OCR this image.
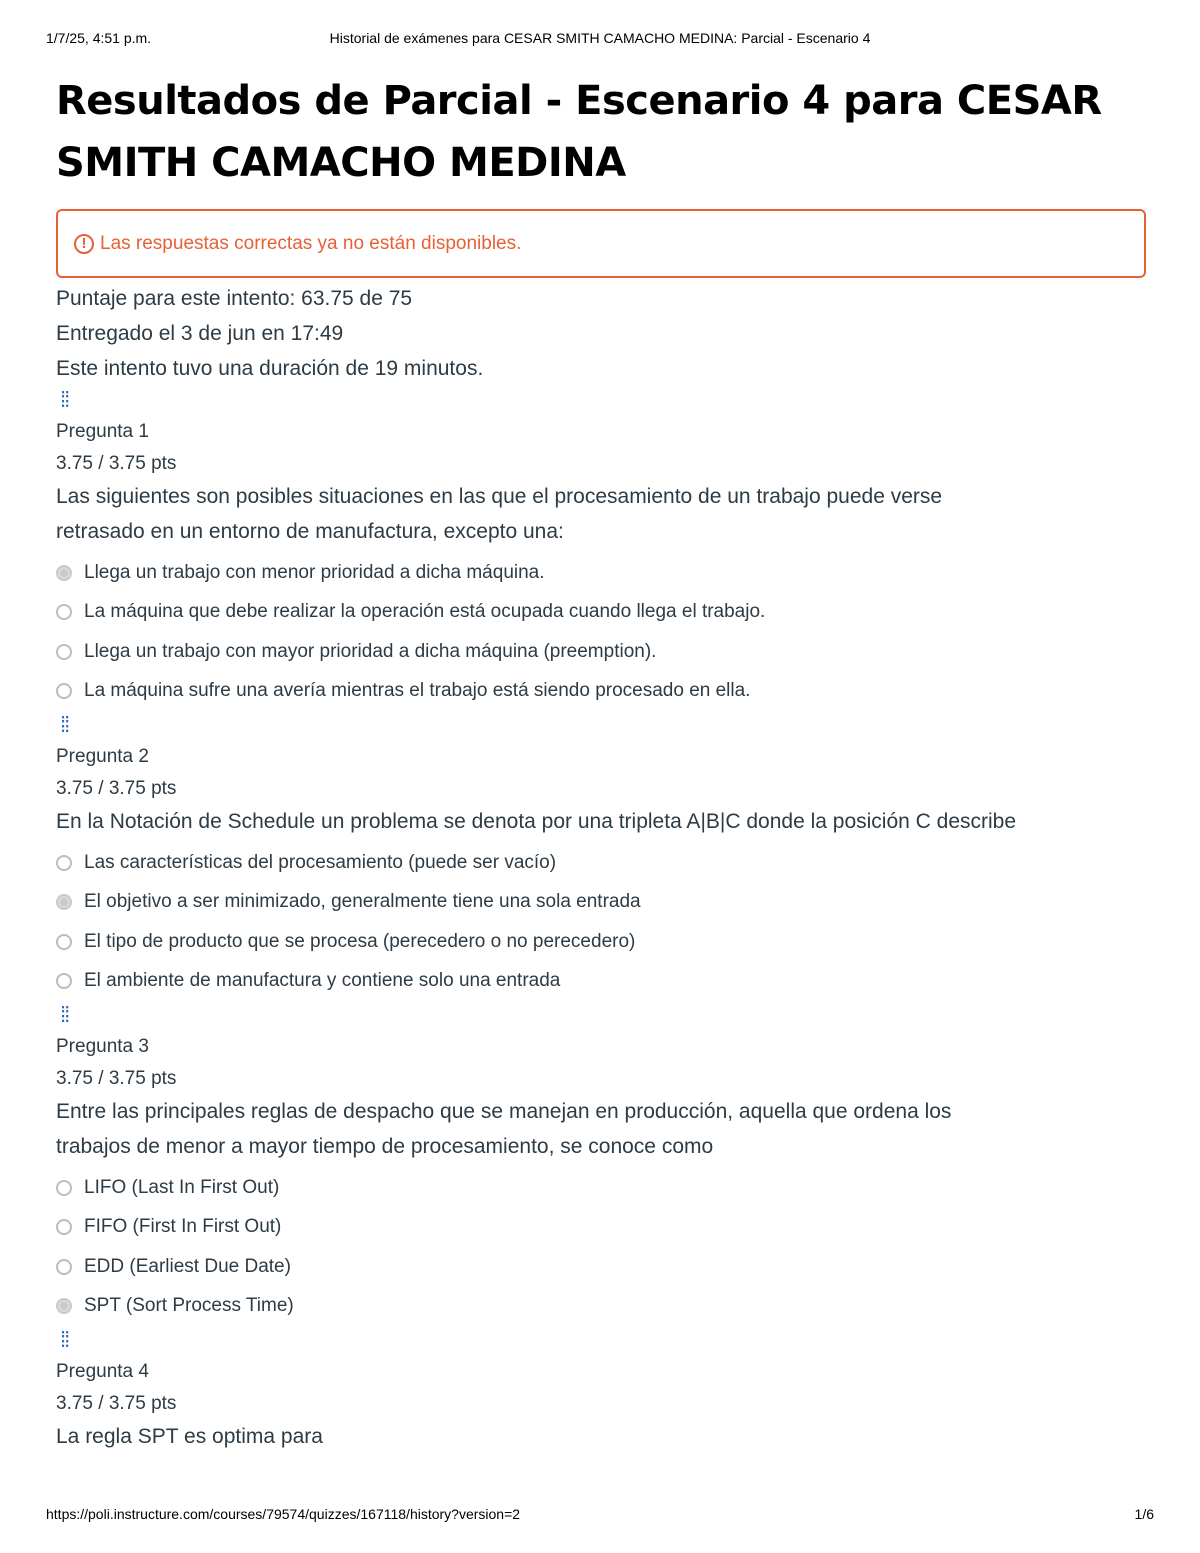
1/7/25, 4:51 p.m.	Historial de exámenes para CESAR SMITH CAMACHO MEDINA: Parcial - Escenario 4
Resultados de Parcial - Escenario 4 para CESAR
SMITH CAMACHO MEDINA
! Las respuestas correctas ya no están disponibles.
Puntaje para este intento: 63.75 de 75
Entregado el 3 de jun en 17:49
Este intento tuvo una duración de 19 minutos.
⁞⁞
Pregunta 1
3.75 / 3.75 pts
Las siguientes son posibles situaciones en las que el procesamiento de un trabajo puede verse
retrasado en un entorno de manufactura, excepto una:
Llega un trabajo con menor prioridad a dicha máquina.
La máquina que debe realizar la operación está ocupada cuando llega el trabajo.
Llega un trabajo con mayor prioridad a dicha máquina (preemption).
La máquina sufre una avería mientras el trabajo está siendo procesado en ella.
⁞⁞
Pregunta 2
3.75 / 3.75 pts
En la Notación de Schedule un problema se denota por una tripleta A|B|C donde la posición C describe
Las características del procesamiento (puede ser vacío)
El objetivo a ser minimizado, generalmente tiene una sola entrada
El tipo de producto que se procesa (perecedero o no perecedero)
El ambiente de manufactura y contiene solo una entrada
⁞⁞
Pregunta 3
3.75 / 3.75 pts
Entre las principales reglas de despacho que se manejan en producción, aquella que ordena los
trabajos de menor a mayor tiempo de procesamiento, se conoce como
LIFO (Last In First Out)
FIFO (First In First Out)
EDD (Earliest Due Date)
SPT (Sort Process Time)
⁞⁞
Pregunta 4
3.75 / 3.75 pts
La regla SPT es optima para
https://poli.instructure.com/courses/79574/quizzes/167118/history?version=2	1/6
